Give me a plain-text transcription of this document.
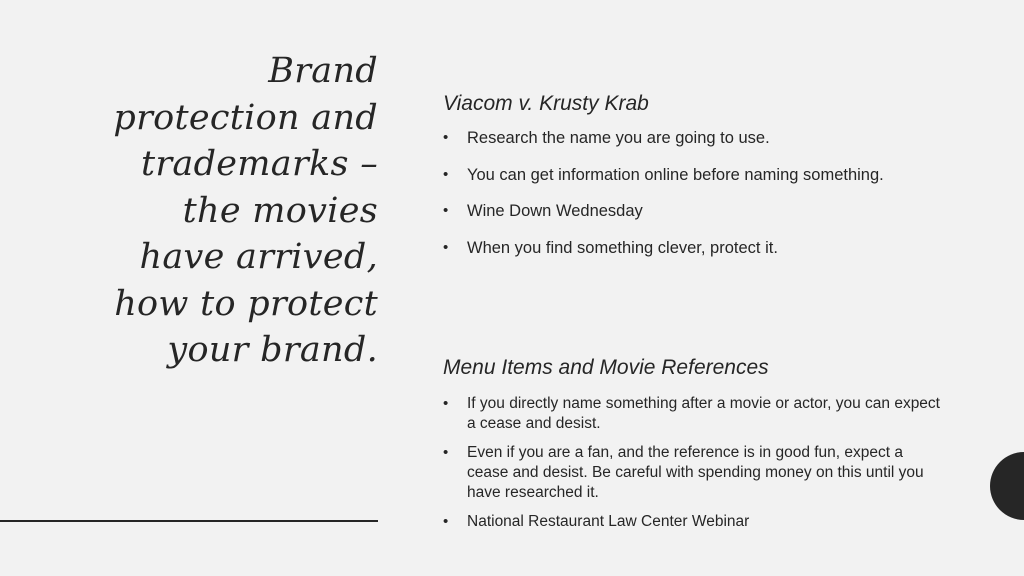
Brand
protection and
trademarks –
the movies
have arrived,
how to protect
your brand.
Viacom v. Krusty Krab
• Research the name you are going to use.
• You can get information online before naming something.
• Wine Down Wednesday
• When you find something clever, protect it.
Menu Items and Movie References
• If you directly name something after a movie or actor, you can expect a cease and desist.
• Even if you are a fan, and the reference is in good fun, expect a cease and desist. Be careful with spending money on this until you have researched it.
• National Restaurant Law Center Webinar
